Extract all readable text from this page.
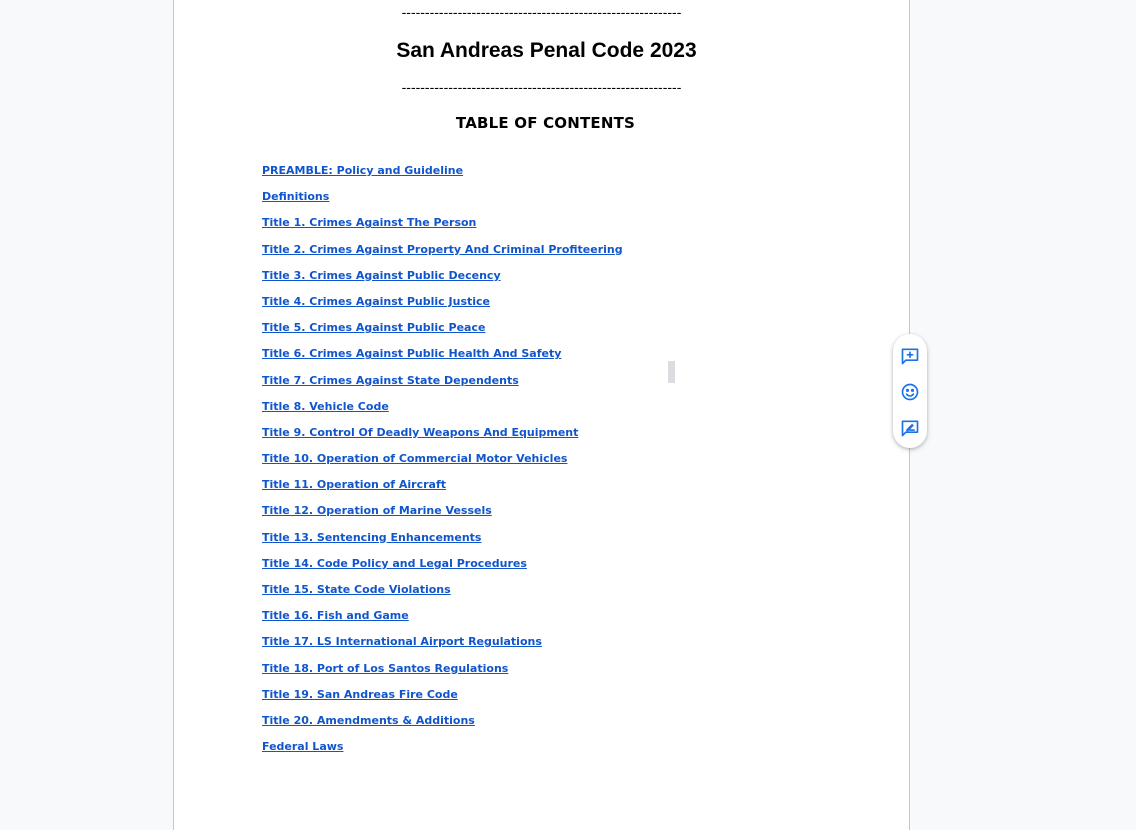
------------------------------------------------------------
San Andreas Penal Code 2023
------------------------------------------------------------
TABLE OF CONTENTS
PREAMBLE: Policy and Guideline
Definitions
Title 1. Crimes Against The Person
Title 2. Crimes Against Property And Criminal Profiteering
Title 3. Crimes Against Public Decency
Title 4. Crimes Against Public Justice
Title 5. Crimes Against Public Peace
Title 6. Crimes Against Public Health And Safety
Title 7. Crimes Against State Dependents
Title 8. Vehicle Code
Title 9. Control Of Deadly Weapons And Equipment
Title 10. Operation of Commercial Motor Vehicles
Title 11. Operation of Aircraft
Title 12. Operation of Marine Vessels
Title 13. Sentencing Enhancements
Title 14. Code Policy and Legal Procedures
Title 15. State Code Violations
Title 16. Fish and Game
Title 17. LS International Airport Regulations
Title 18. Port of Los Santos Regulations
Title 19. San Andreas Fire Code
Title 20. Amendments & Additions
Federal Laws
